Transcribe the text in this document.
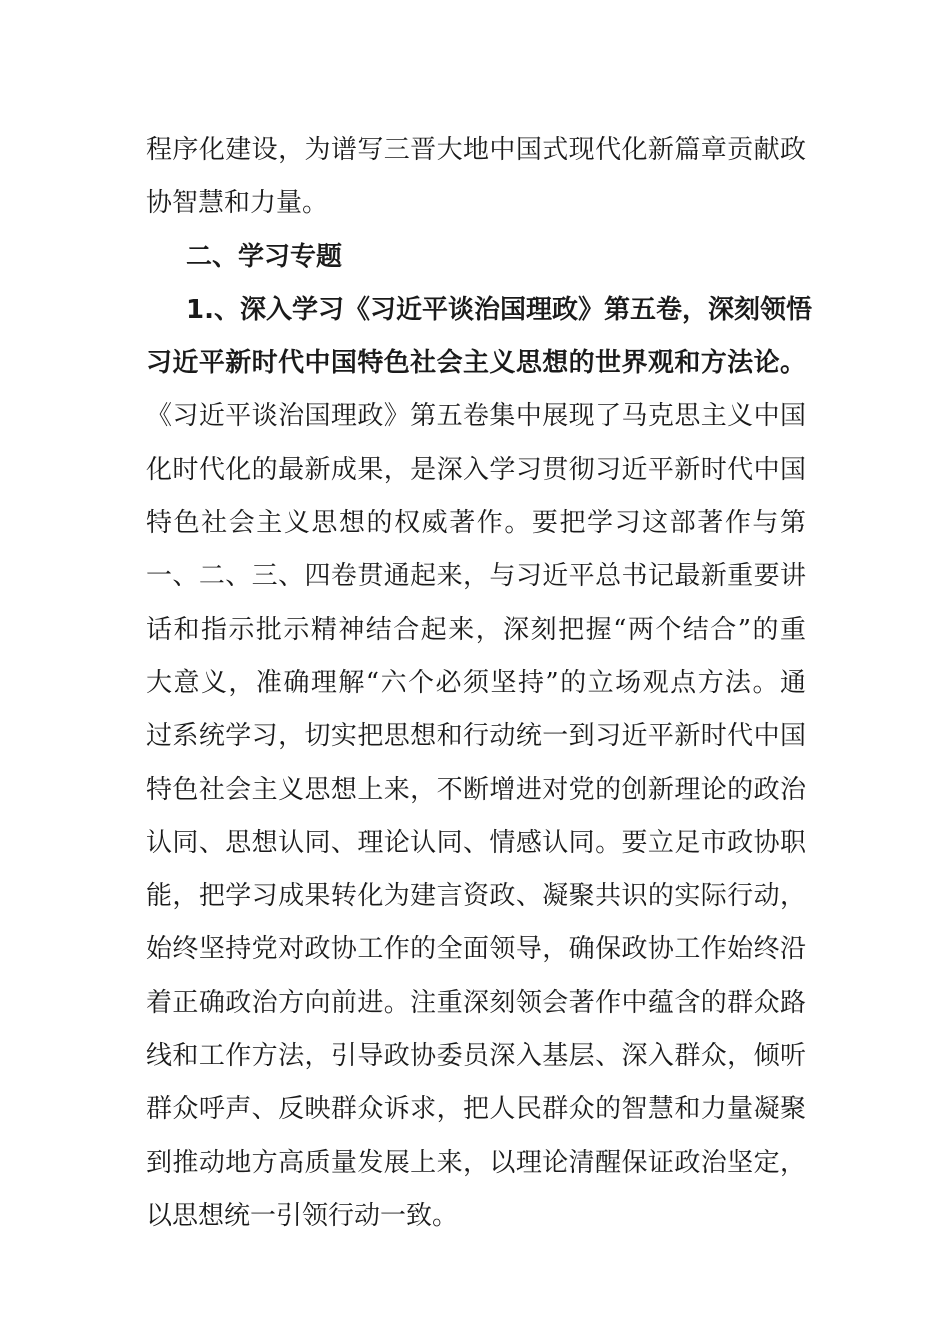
程序化建设，为谱写三晋大地中国式现代化新篇章贡献政
协智慧和力量。
二、学习专题
1.、深入学习《习近平谈治国理政》第五卷，深刻领悟
习近平新时代中国特色社会主义思想的世界观和方法论。
《习近平谈治国理政》第五卷集中展现了马克思主义中国
化时代化的最新成果，是深入学习贯彻习近平新时代中国
特色社会主义思想的权威著作。要把学习这部著作与第
一、二、三、四卷贯通起来，与习近平总书记最新重要讲
话和指示批示精神结合起来，深刻把握“两个结合”的重
大意义，准确理解“六个必须坚持”的立场观点方法。通
过系统学习，切实把思想和行动统一到习近平新时代中国
特色社会主义思想上来，不断增进对党的创新理论的政治
认同、思想认同、理论认同、情感认同。要立足市政协职
能，把学习成果转化为建言资政、凝聚共识的实际行动，
始终坚持党对政协工作的全面领导，确保政协工作始终沿
着正确政治方向前进。注重深刻领会著作中蕴含的群众路
线和工作方法，引导政协委员深入基层、深入群众，倾听
群众呼声、反映群众诉求，把人民群众的智慧和力量凝聚
到推动地方高质量发展上来，以理论清醒保证政治坚定，
以思想统一引领行动一致。
